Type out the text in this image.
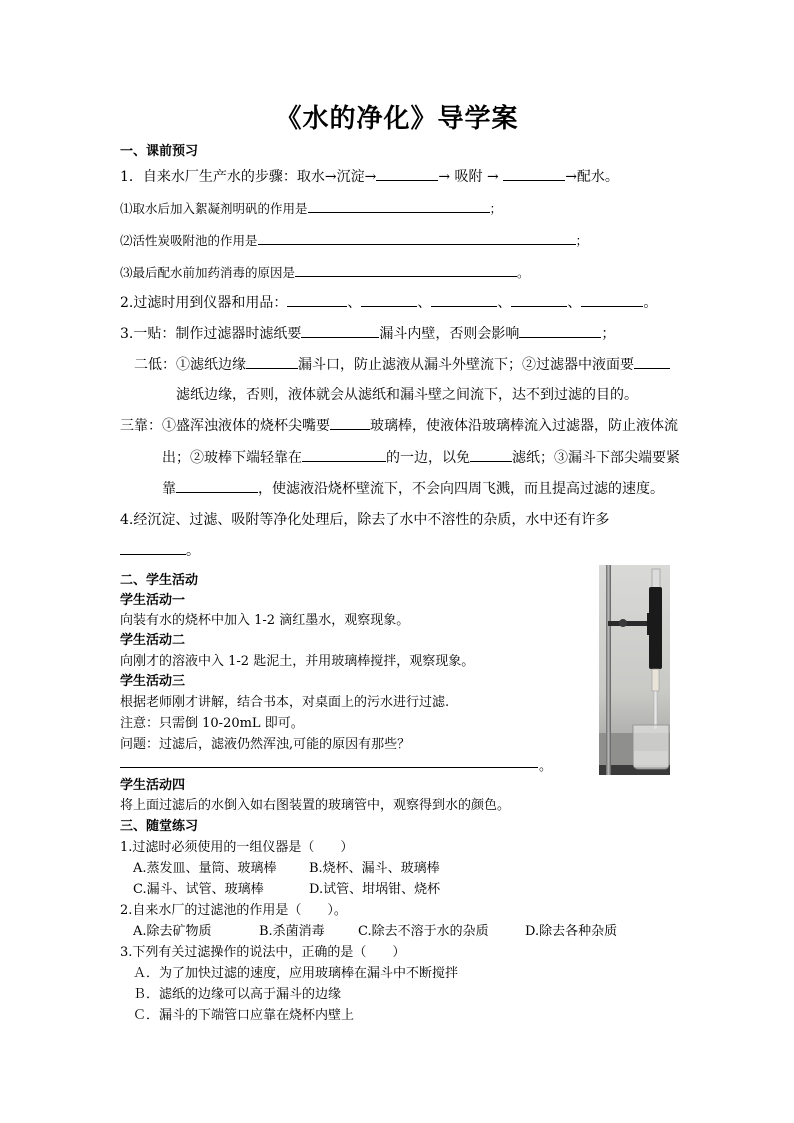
《水的净化》导学案
一、课前预习
1．自来水厂生产水的步骤：取水→沉淀→	→ 吸附 →	→配水。
⑴取水后加入絮凝剂明矾的作用是	；
⑵活性炭吸附池的作用是	；
⑶最后配水前加药消毒的原因是	。
2.过滤时用到仪器和用品：	、	、	、	、	。
3.一贴：制作过滤器时滤纸要	漏斗内壁，否则会影响	；
二低：①滤纸边缘	漏斗口，防止滤液从漏斗外壁流下；②过滤器中液面要
滤纸边缘，否则，液体就会从滤纸和漏斗壁之间流下，达不到过滤的目的。
三靠：①盛浑浊液体的烧杯尖嘴要	玻璃棒，使液体沿玻璃棒流入过滤器，防止液体流
出；②玻棒下端轻靠在	的一边，以免	滤纸；③漏斗下部尖端要紧
靠	，使滤液沿烧杯壁流下，不会向四周飞溅，而且提高过滤的速度。
4.经沉淀、过滤、吸附等净化处理后，除去了水中不溶性的杂质，水中还有许多
。
二、学生活动
学生活动一
向装有水的烧杯中加入 1-2 滴红墨水，观察现象。
学生活动二
向刚才的溶液中入 1-2 匙泥土，并用玻璃棒搅拌，观察现象。
学生活动三
根据老师刚才讲解，结合书本，对桌面上的污水进行过滤.
注意：只需倒 10-20mL 即可。
问题：过滤后，滤液仍然浑浊,可能的原因有那些？
。
学生活动四
将上面过滤后的水倒入如右图装置的玻璃管中，观察得到水的颜色。
三、随堂练习
1.过滤时必须使用的一组仪器是（　　）
A.蒸发皿、量筒、玻璃棒 B.烧杯、漏斗、玻璃棒
C.漏斗、试管、玻璃棒	D.试管、坩埚钳、烧杯
2.自来水厂的过滤池的作用是（　　）。
A.除去矿物质	B.杀菌消毒	C.除去不溶于水的杂质	D.除去各种杂质
3.下列有关过滤操作的说法中，正确的是（　　）
Ａ．为了加快过滤的速度，应用玻璃棒在漏斗中不断搅拌
Ｂ．滤纸的边缘可以高于漏斗的边缘
Ｃ．漏斗的下端管口应靠在烧杯内壁上
